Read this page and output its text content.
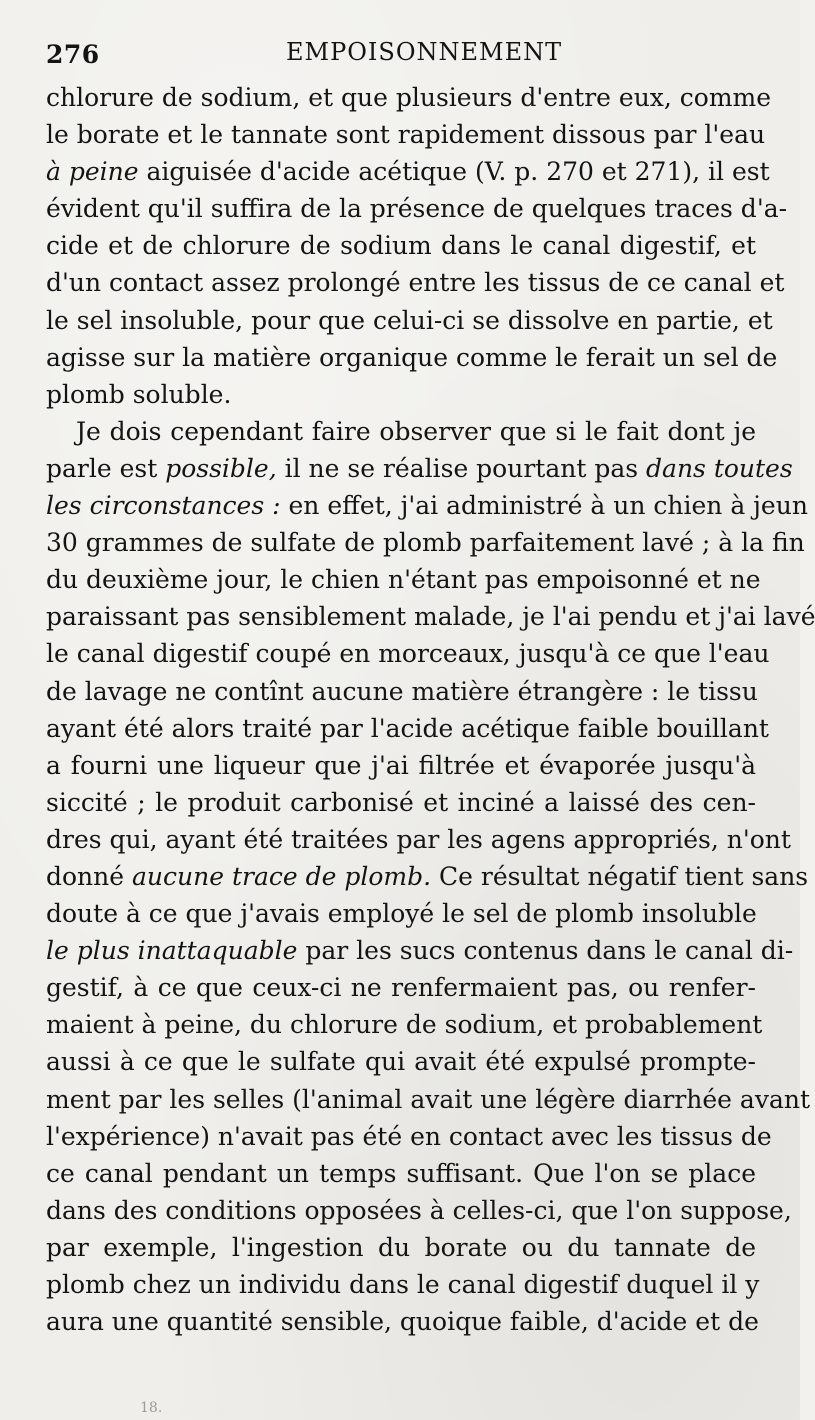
276	EMPOISONNEMENT
chlorure de sodium, et que plusieurs d'entre eux, comme
le borate et le tannate sont rapidement dissous par l'eau
à peine aiguisée d'acide acétique (V. p. 270 et 271), il est
évident qu'il suffira de la présence de quelques traces d'a-
cide et de chlorure de sodium dans le canal digestif, et
d'un contact assez prolongé entre les tissus de ce canal et
le sel insoluble, pour que celui-ci se dissolve en partie, et
agisse sur la matière organique comme le ferait un sel de
plomb soluble.
Je dois cependant faire observer que si le fait dont je
parle est possible, il ne se réalise pourtant pas dans toutes
les circonstances : en effet, j'ai administré à un chien à jeun
30 grammes de sulfate de plomb parfaitement lavé ; à la fin
du deuxième jour, le chien n'étant pas empoisonné et ne
paraissant pas sensiblement malade, je l'ai pendu et j'ai lavé
le canal digestif coupé en morceaux, jusqu'à ce que l'eau
de lavage ne contînt aucune matière étrangère : le tissu
ayant été alors traité par l'acide acétique faible bouillant
a fourni une liqueur que j'ai filtrée et évaporée jusqu'à
siccité ; le produit carbonisé et inciné a laissé des cen-
dres qui, ayant été traitées par les agens appropriés, n'ont
donné aucune trace de plomb. Ce résultat négatif tient sans
doute à ce que j'avais employé le sel de plomb insoluble
le plus inattaquable par les sucs contenus dans le canal di-
gestif, à ce que ceux-ci ne renfermaient pas, ou renfer-
maient à peine, du chlorure de sodium, et probablement
aussi à ce que le sulfate qui avait été expulsé prompte-
ment par les selles (l'animal avait une légère diarrhée avant
l'expérience) n'avait pas été en contact avec les tissus de
ce canal pendant un temps suffisant. Que l'on se place
dans des conditions opposées à celles-ci, que l'on suppose,
par exemple, l'ingestion du borate ou du tannate de
plomb chez un individu dans le canal digestif duquel il y
aura une quantité sensible, quoique faible, d'acide et de
18.
